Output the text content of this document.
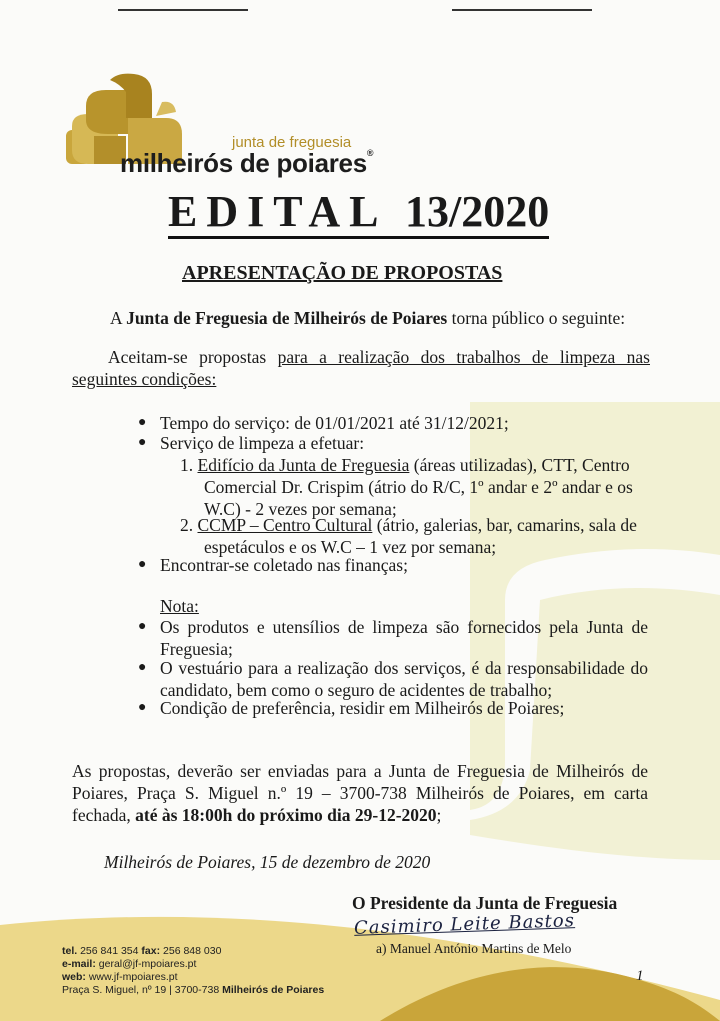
junta de freguesia
milheirós de poiares®
EDITAL 13/2020
APRESENTAÇÃO DE PROPOSTAS
A Junta de Freguesia de Milheirós de Poiares torna público o seguinte:
Aceitam-se propostas para a realização dos trabalhos de limpeza nas
seguintes condições:
● Tempo do serviço: de 01/01/2021 até 31/12/2021;
● Serviço de limpeza a efetuar:
1. Edifício da Junta de Freguesia (áreas utilizadas), CTT, Centro
Comercial Dr. Crispim (átrio do R/C, 1º andar e 2º andar e os
W.C) - 2 vezes por semana;
2. CCMP – Centro Cultural (átrio, galerias, bar, camarins, sala de
espetáculos e os W.C – 1 vez por semana;
● Encontrar-se coletado nas finanças;
Nota:
● Os produtos e utensílios de limpeza são fornecidos pela Junta de
Freguesia;
● O vestuário para a realização dos serviços, é da responsabilidade do
candidato, bem como o seguro de acidentes de trabalho;
● Condição de preferência, residir em Milheirós de Poiares;
As propostas, deverão ser enviadas para a Junta de Freguesia de Milheirós de
Poiares, Praça S. Miguel n.º 19 – 3700-738 Milheirós de Poiares, em carta
fechada, até às 18:00h do próximo dia 29-12-2020;
Milheirós de Poiares, 15 de dezembro de 2020
O Presidente da Junta de Freguesia
Casimiro Leite Bastos
a) Manuel António Martins de Melo
tel. 256 841 354 fax: 256 848 030
e-mail: geral@jf-mpoiares.pt
web: www.jf-mpoiares.pt
Praça S. Miguel, nº 19 | 3700-738 Milheirós de Poiares
1
